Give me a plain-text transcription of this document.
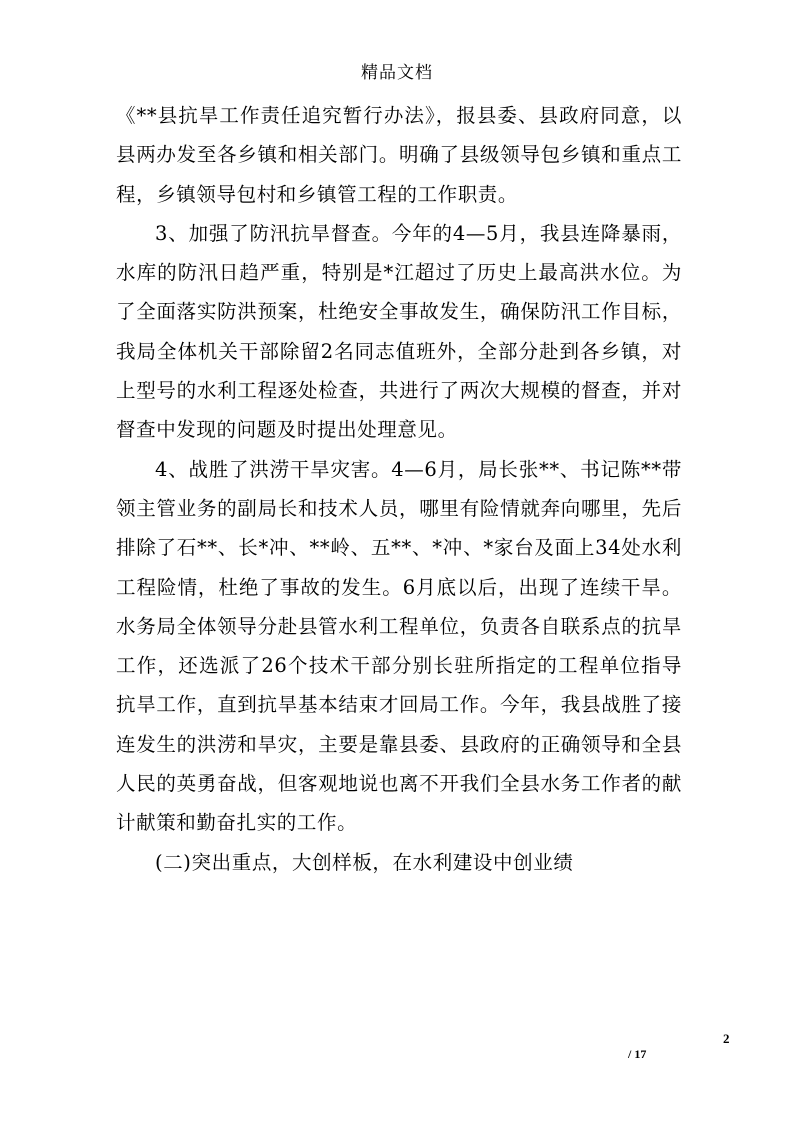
精品文档

《**县抗旱工作责任追究暂行办法》，报县委、县政府同意，以县两办发至各乡镇和相关部门。明确了县级领导包乡镇和重点工程，乡镇领导包村和乡镇管工程的工作职责。

3、加强了防汛抗旱督查。今年的4—5月，我县连降暴雨，水库的防汛日趋严重，特别是*江超过了历史上最高洪水位。为了全面落实防洪预案，杜绝安全事故发生，确保防汛工作目标，我局全体机关干部除留2名同志值班外，全部分赴到各乡镇，对上型号的水利工程逐处检查，共进行了两次大规模的督查，并对督查中发现的问题及时提出处理意见。

4、战胜了洪涝干旱灾害。4—6月，局长张**、书记陈**带领主管业务的副局长和技术人员，哪里有险情就奔向哪里，先后排除了石**、长*冲、**岭、五**、*冲、*家台及面上34处水利工程险情，杜绝了事故的发生。6月底以后，出现了连续干旱。水务局全体领导分赴县管水利工程单位，负责各自联系点的抗旱工作，还选派了26个技术干部分别长驻所指定的工程单位指导抗旱工作，直到抗旱基本结束才回局工作。今年，我县战胜了接连发生的洪涝和旱灾，主要是靠县委、县政府的正确领导和全县人民的英勇奋战，但客观地说也离不开我们全县水务工作者的献计献策和勤奋扎实的工作。

(二)突出重点，大创样板，在水利建设中创业绩

2
/ 17
